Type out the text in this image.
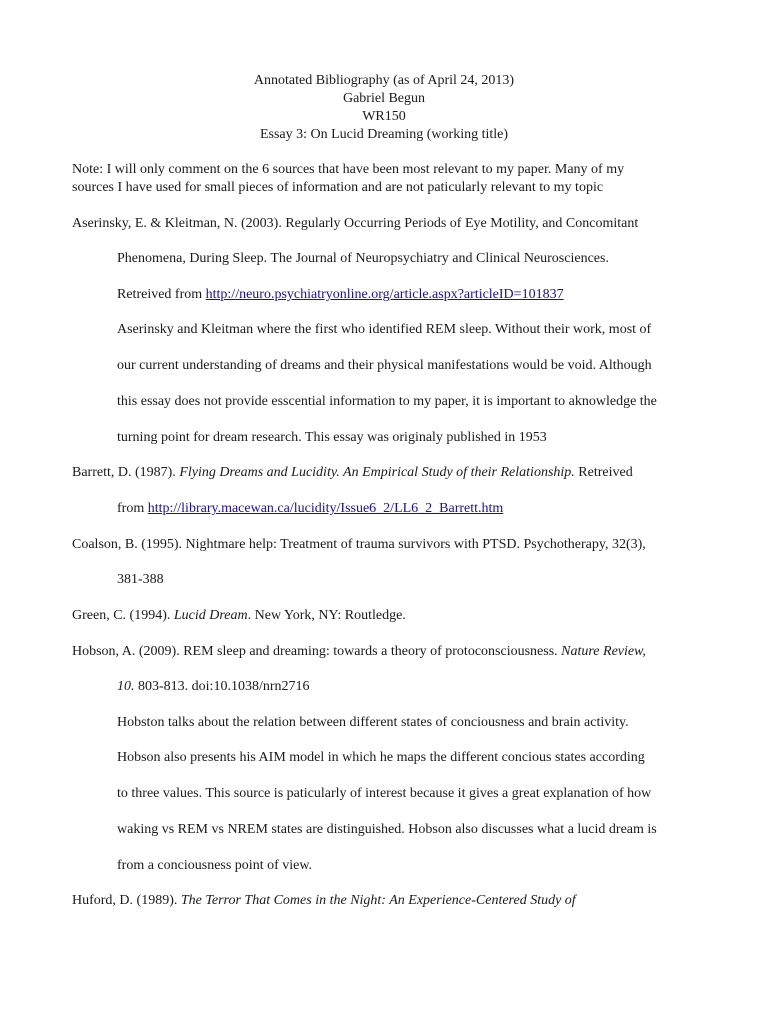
Annotated Bibliography (as of April 24, 2013)
Gabriel Begun
WR150
Essay 3: On Lucid Dreaming (working title)
Note: I will only comment on the 6 sources that have been most relevant to my paper. Many of my
sources I have used for small pieces of information and are not paticularly relevant to my topic
Aserinsky, E. & Kleitman, N. (2003). Regularly Occurring Periods of Eye Motility, and Concomitant
Phenomena, During Sleep. The Journal of Neuropsychiatry and Clinical Neurosciences.
Retreived from http://neuro.psychiatryonline.org/article.aspx?articleID=101837
Aserinsky and Kleitman where the first who identified REM sleep. Without their work, most of
our current understanding of dreams and their physical manifestations would be void. Although
this essay does not provide esscential information to my paper, it is important to aknowledge the
turning point for dream research. This essay was originaly published in 1953
Barrett, D. (1987). Flying Dreams and Lucidity. An Empirical Study of their Relationship. Retreived
from http://library.macewan.ca/lucidity/Issue6_2/LL6_2_Barrett.htm
Coalson, B. (1995). Nightmare help: Treatment of trauma survivors with PTSD. Psychotherapy, 32(3),
381-388
Green, C. (1994). Lucid Dream. New York, NY: Routledge.
Hobson, A. (2009). REM sleep and dreaming: towards a theory of protoconsciousness. Nature Review,
10. 803-813. doi:10.1038/nrn2716
Hobston talks about the relation between different states of conciousness and brain activity.
Hobson also presents his AIM model in which he maps the different concious states according
to three values. This source is paticularly of interest because it gives a great explanation of how
waking vs REM vs NREM states are distinguished. Hobson also discusses what a lucid dream is
from a conciousness point of view.
Huford, D. (1989). The Terror That Comes in the Night: An Experience-Centered Study of
